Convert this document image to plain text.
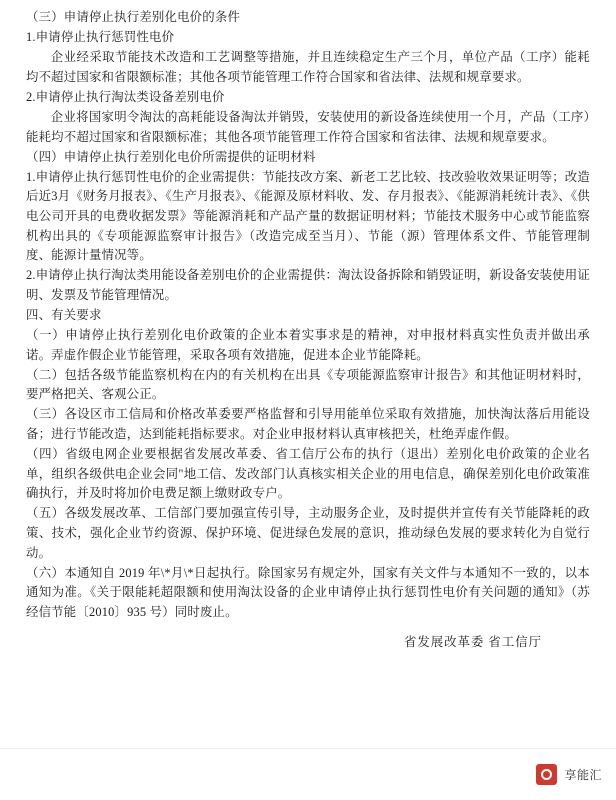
（三）申请停止执行差别化电价的条件

1.申请停止执行惩罚性电价

企业经采取节能技术改造和工艺调整等措施，并且连续稳定生产三个月，单位产品（工序）能耗均不超过国家和省限额标准；其他各项节能管理工作符合国家和省法律、法规和规章要求。

2.申请停止执行淘汰类设备差别电价

企业将国家明令淘汰的高耗能设备淘汰并销毁，安装使用的新设备连续使用一个月，产品（工序）能耗均不超过国家和省限额标准；其他各项节能管理工作符合国家和省法律、法规和规章要求。

（四）申请停止执行差别化电价所需提供的证明材料

1.申请停止执行惩罚性电价的企业需提供：节能技改方案、新老工艺比较、技改验收效果证明等；改造后近3月《财务月报表》、《生产月报表》、《能源及原材料收、发、存月报表》、《能源消耗统计表》、《供电公司开具的电费收据发票》等能源消耗和产品产量的数据证明材料；节能技术服务中心或节能监察机构出具的《专项能源监察审计报告》（改造完成至当月）、节能（源）管理体系文件、节能管理制度、能源计量情况等。

2.申请停止执行淘汰类用能设备差别电价的企业需提供：淘汰设备拆除和销毁证明，新设备安装使用证明、发票及节能管理情况。

四、有关要求

（一）申请停止执行差别化电价政策的企业本着实事求是的精神，对申报材料真实性负责并做出承诺。弄虚作假企业节能管理，采取各项有效措施，促进本企业节能降耗。

（二）包括各级节能监察机构在内的有关机构在出具《专项能源监察审计报告》和其他证明材料时，要严格把关、客观公正。

（三）各设区市工信局和价格改革委要严格监督和引导用能单位采取有效措施，加快淘汰落后用能设备；进行节能改造，达到能耗指标要求。对企业申报材料认真审核把关，杜绝弄虚作假。

（四）省级电网企业要根据省发展改革委、省工信厅公布的执行（退出）差别化电价政策的企业名单，组织各级供电企业会同"地工信、发改部门认真核实相关企业的用电信息，确保差别化电价政策准确执行，并及时将加价电费足额上缴财政专户。

（五）各级发展改革、工信部门要加强宣传引导，主动服务企业，及时提供并宣传有关节能降耗的政策、技术，强化企业节约资源、保护环境、促进绿色发展的意识，推动绿色发展的要求转化为自觉行动。

（六）本通知自 2019 年\*月\*日起执行。除国家另有规定外，国家有关文件与本通知不一致的，以本通知为准。《关于限能耗超限额和使用淘汰设备的企业申请停止执行惩罚性电价有关问题的通知》（苏经信节能〔2010〕935 号）同时废止。

省发展改革委 省工信厅
享能汇
